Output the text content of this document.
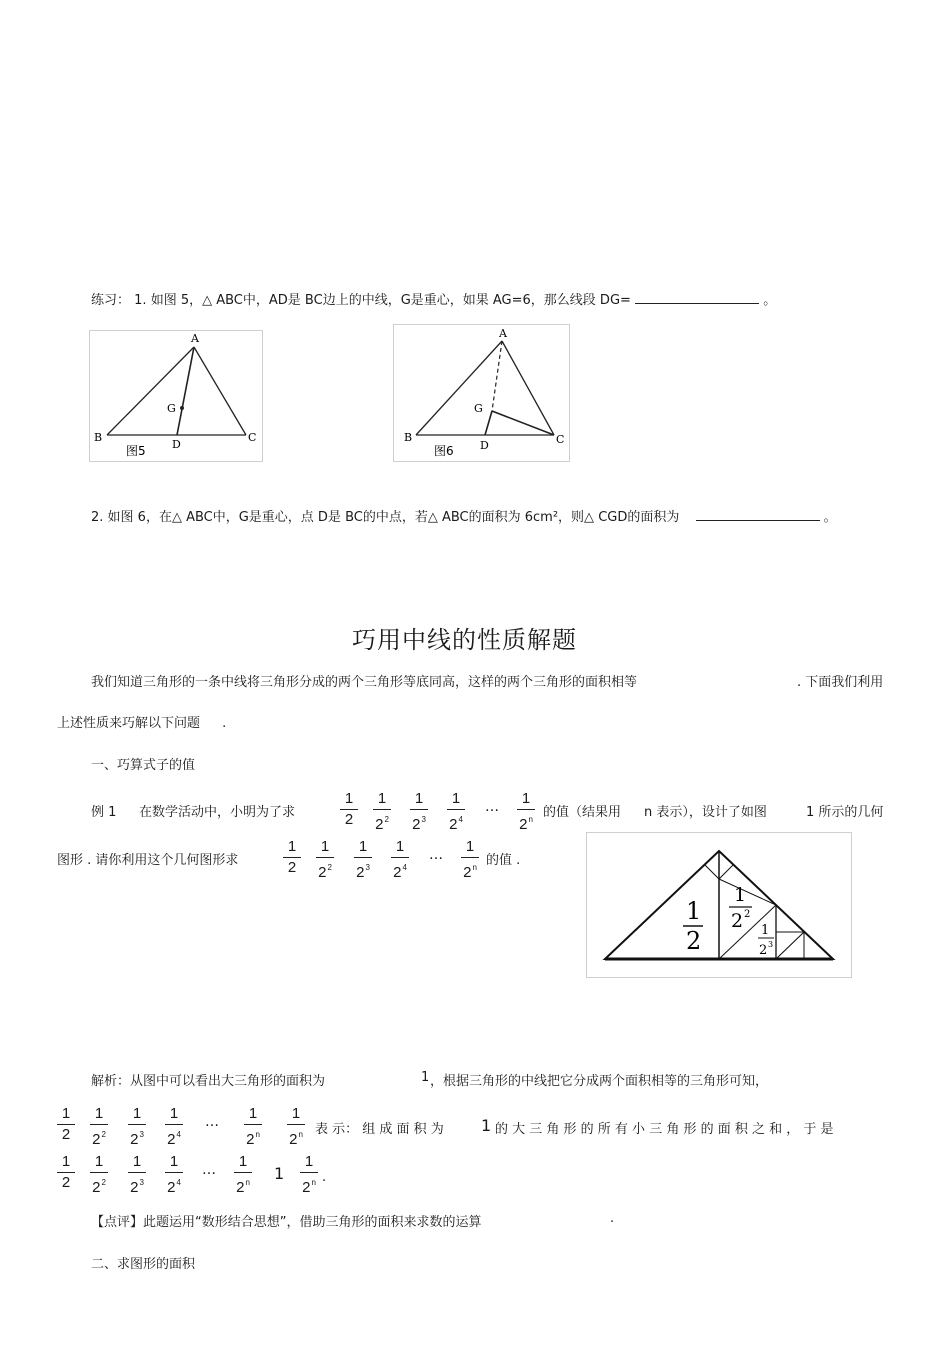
练习： 1. 如图 5，△ ABC中，AD是 BC边上的中线，G是重心，如果 AG=6，那么线段 DG=	。
A
B	C
D
G
图5
A
B	C
D
G
图6
2. 如图 6，在△ ABC中，G是重心，点 D是 BC的中点，若△ ABC的面积为 6cm²，则△ CGD的面积为	。
巧用中线的性质解题
我们知道三角形的一条中线将三角形分成的两个三角形等底同高，这样的两个三角形的面积相等	. 下面我们利用
上述性质来巧解以下问题 .
一、巧算式子的值
例 1 在数学活动中，小明为了求
1
2
1
$2^2$
1
$2^3$
1
$2^4$
…	1
2$^n$ 的值（结果用 n 表示），设计了如图	1 所示的几何
图形 . 请你利用这个几何图形求
1
2
1
$2^2$
1
$2^3$
1
$2^4$
…	1
2$^n$ 的值 .
1
2
1
2 2
1
2 3
解析：从图中可以看出大三角形的面积为	1 ，根据三角形的中线把它分成两个面积相等的三角形可知，
1
2
1
$2^2$
1
$2^3$
1
$2^4$
…	1
2$^n$
1
2$^n$ 表 示： 组 成 面 积 为 1 的 大 三 角 形 的 所 有 小 三 角 形 的 面 积 之 和 ， 于 是
1
2
1
$2^2$
1
$2^3$
1
$2^4$
…	1
2$^n$ 1
1
2$^n$ .
【点评】此题运用“数形结合思想”，借助三角形的面积来求数的运算	.
二、求图形的面积
